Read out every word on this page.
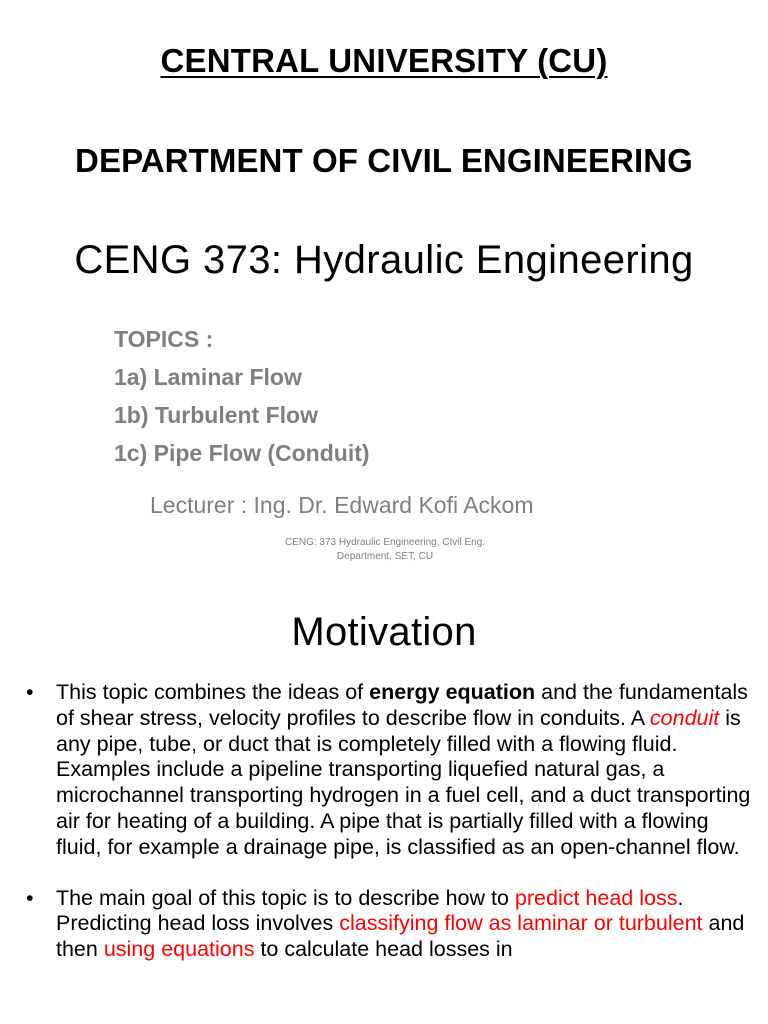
CENTRAL UNIVERSITY (CU)
DEPARTMENT OF CIVIL ENGINEERING
CENG 373: Hydraulic Engineering
TOPICS :
1a) Laminar Flow
1b) Turbulent Flow
1c) Pipe Flow (Conduit)
Lecturer : Ing. Dr. Edward Kofi Ackom
CENG: 373 Hydraulic Engineering, CIvil Eng.
Department, SET, CU
Motivation
• This topic combines the ideas of energy equation and the fundamentals of shear stress, velocity profiles to describe flow in conduits. A conduit is any pipe, tube, or duct that is completely filled with a flowing fluid. Examples include a pipeline transporting liquefied natural gas, a microchannel transporting hydrogen in a fuel cell, and a duct transporting air for heating of a building. A pipe that is partially filled with a flowing fluid, for example a drainage pipe, is classified as an open-channel flow.
• The main goal of this topic is to describe how to predict head loss. Predicting head loss involves classifying flow as laminar or turbulent and then using equations to calculate head losses in
